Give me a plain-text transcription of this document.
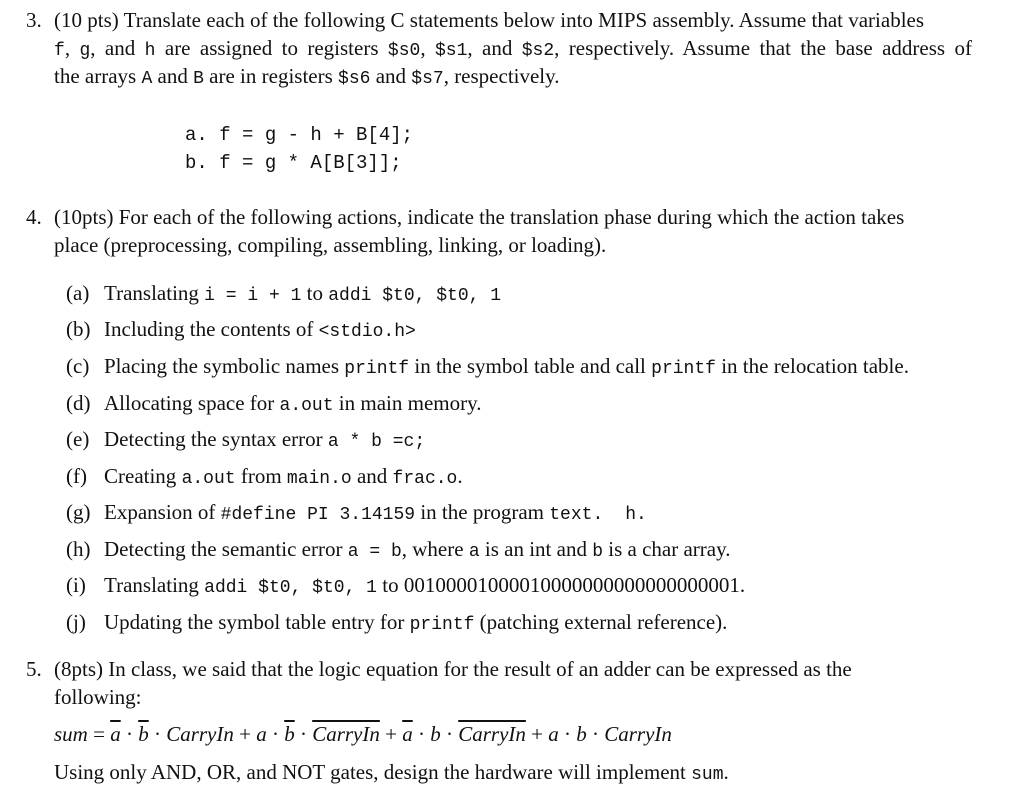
3. (10 pts) Translate each of the following C statements below into MIPS assembly. Assume that variables
f, g, and h are assigned to registers $s0, $s1, and $s2, respectively. Assume that the base address of
the arrays A and B are in registers $s6 and $s7, respectively.
a. f = g - h + B[4];
b. f = g * A[B[3]];
4. (10pts) For each of the following actions, indicate the translation phase during which the action takes
place (preprocessing, compiling, assembling, linking, or loading).
(a) Translating i = i + 1 to addi $t0, $t0, 1
(b) Including the contents of <stdio.h>
(c) Placing the symbolic names printf in the symbol table and call printf in the relocation table.
(d) Allocating space for a.out in main memory.
(e) Detecting the syntax error a * b =c;
(f) Creating a.out from main.o and frac.o.
(g) Expansion of #define PI 3.14159 in the program text. h.
(h) Detecting the semantic error a = b, where a is an int and b is a char array.
(i) Translating addi $t0, $t0, 1 to 00100001000010000000000000000001.
(j) Updating the symbol table entry for printf (patching external reference).
5. (8pts) In class, we said that the logic equation for the result of an adder can be expressed as the
following:
sum = $\overline{a} \cdot \overline{b}$ · CarryIn + $a \cdot \overline{b}$ · CarryIn + $\overline{a} \cdot b$ · CarryIn + a · b · CarryIn
Using only AND, OR, and NOT gates, design the hardware will implement sum.
